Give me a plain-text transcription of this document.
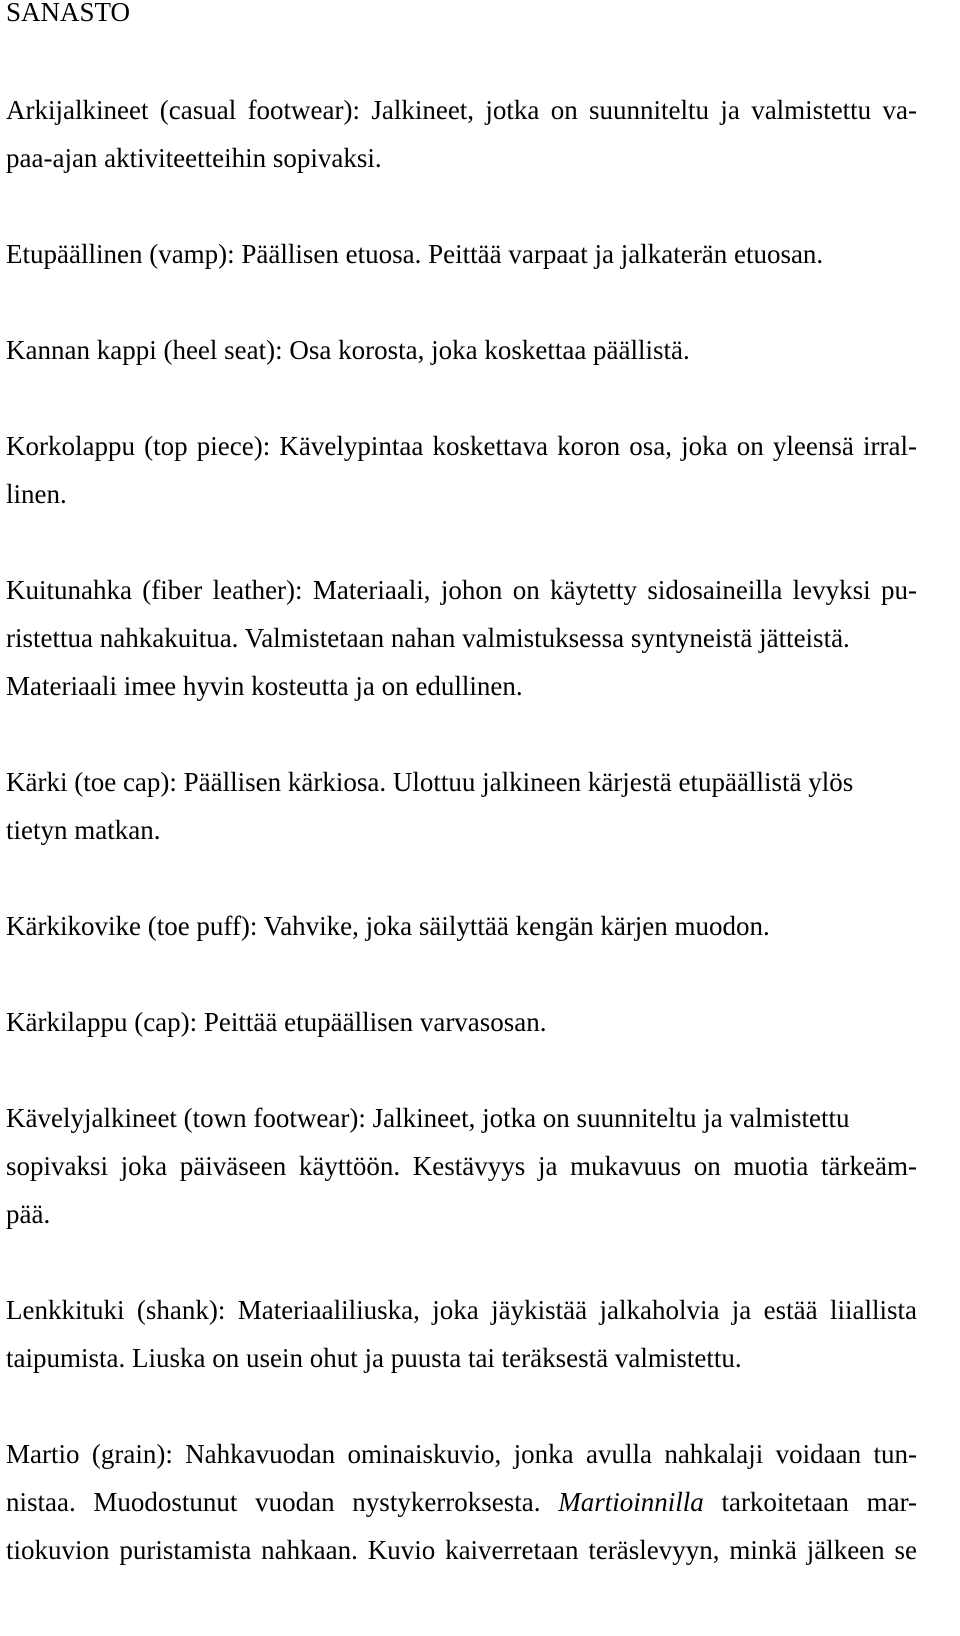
SANASTO
Arkijalkineet (casual footwear): Jalkineet, jotka on suunniteltu ja valmistettu va-
paa-ajan aktiviteetteihin sopivaksi.
Etupäällinen (vamp): Päällisen etuosa. Peittää varpaat ja jalkaterän etuosan.
Kannan kappi (heel seat): Osa korosta, joka koskettaa päällistä.
Korkolappu (top piece): Kävelypintaa koskettava koron osa, joka on yleensä irral-
linen.
Kuitunahka (fiber leather): Materiaali, johon on käytetty sidosaineilla levyksi pu-
ristettua nahkakuitua. Valmistetaan nahan valmistuksessa syntyneistä jätteistä.
Materiaali imee hyvin kosteutta ja on edullinen.
Kärki (toe cap): Päällisen kärkiosa. Ulottuu jalkineen kärjestä etupäällistä ylös
tietyn matkan.
Kärkikovike (toe puff): Vahvike, joka säilyttää kengän kärjen muodon.
Kärkilappu (cap): Peittää etupäällisen varvasosan.
Kävelyjalkineet (town footwear): Jalkineet, jotka on suunniteltu ja valmistettu
sopivaksi joka päiväseen käyttöön. Kestävyys ja mukavuus on muotia tärkeäm-
pää.
Lenkkituki (shank): Materiaaliliuska, joka jäykistää jalkaholvia ja estää liiallista
taipumista. Liuska on usein ohut ja puusta tai teräksestä valmistettu.
Martio (grain): Nahkavuodan ominaiskuvio, jonka avulla nahkalaji voidaan tun-
nistaa. Muodostunut vuodan nystykerroksesta. Martioinnilla tarkoitetaan mar-
tiokuvion puristamista nahkaan. Kuvio kaiverretaan teräslevyyn, minkä jälkeen se
